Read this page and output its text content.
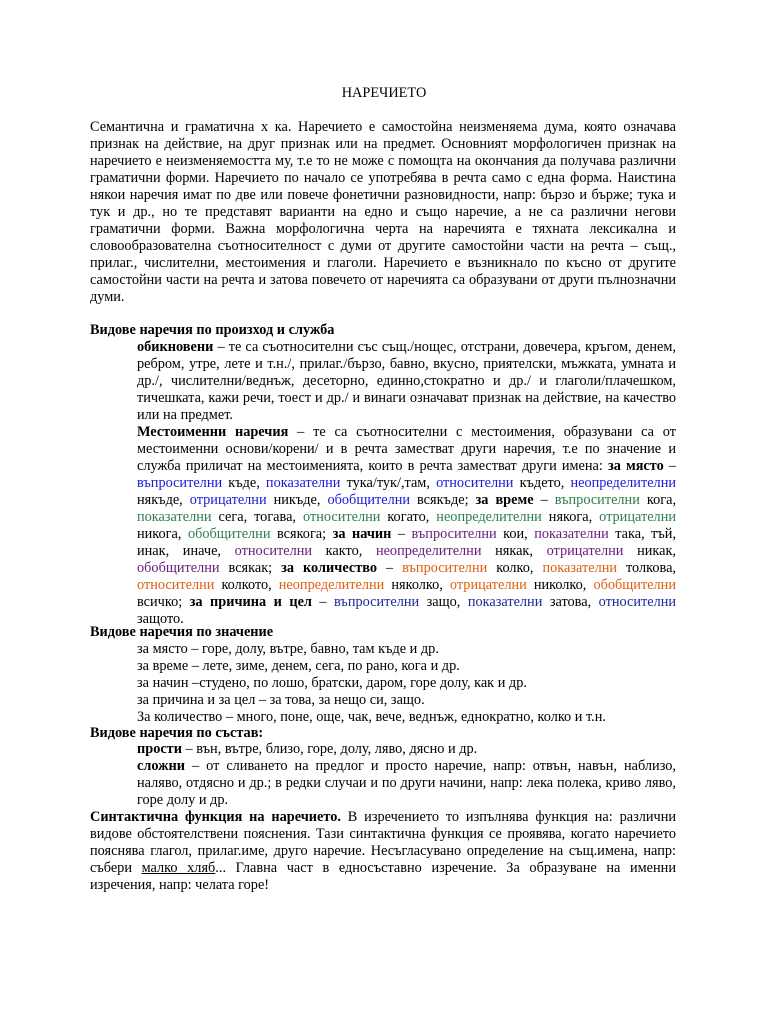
НАРЕЧИЕТО

Семантична и граматична х ка. Наречието е самостойна неизменяема дума, която означава признак на действие, на друг признак или на предмет. Основният морфологичен признак на наречието е неизменяемостта му, т.е то не може с помощта на окончания да получава различни граматични форми. Наречието по начало се употребява в речта само с една форма. Наистина някои наречия имат по две или повече фонетични разновидности, напр: бързо и бърже; тука и тук и др., но те представят варианти на едно и също наречие, а не са различни негови граматични форми. Важна морфологична черта на наречията е тяхната лексикална и словообразователна съотносителност с думи от другите самостойни части на речта – същ., прилаг., числителни, местоимения и глаголи. Наречието е възникнало по късно от другите самостойни части на речта и затова повечето от наречията са образувани от други пълнозначни думи.

Видове наречия по произход и служба

обикновени – те са съотносителни със същ./нощес, отстрани, довечера, кръгом, денем, ребром, утре, лете и т.н./, прилаг./бързо, бавно, вкусно, приятелски, мъжката, умната и др./, числителни/веднъж, десеторно, единно,стократно и др./ и глаголи/плачешком, тичешката, кажи речи, тоест и др./ и винаги означават признак на действие, на качество или на предмет.

Местоименни наречия – те са съотносителни с местоимения, образувани са от местоименни основи/корени/ и в речта заместват други наречия, т.е по значение и служба приличат на местоименията, които в речта заместват други имена: за място – въпросителни къде, показателни тука/тук/,там, относителни където, неопределителни някъде, отрицателни никъде, обобщителни всякъде; за време – въпросителни кога, показателни сега, тогава, относителни когато, неопределителни някога, отрицателни никога, обобщителни всякога; за начин – въпросителни кои, показателни така, тъй, инак, иначе, относителни както, неопределителни някак, отрицателни никак, обобщителни всякак; за количество – въпросителни колко, показателни толкова, относителни колкото, неопределителни няколко, отрицателни николко, обобщителни всичко; за причина и цел – въпросителни защо, показателни затова, относителни защото.

Видове наречия по значение

за място – горе, долу, вътре, бавно, там къде и др.

за време – лете, зиме, денем, сега, по рано, кога и др.

за начин –студено, по лошо, братски, даром, горе долу, как и др.

за причина и за цел – за това, за нещо си, защо.

За количество – много, поне, още, чак, вече, веднъж, еднократно, колко и т.н.

Видове наречия по състав:

прости – вън, вътре, близо, горе, долу, ляво, дясно и др.

сложни – от сливането на предлог и просто наречие, напр: отвън, навън, наблизо, наляво, отдясно и др.; в редки случаи и по други начини, напр: лека полека, криво ляво, горе долу и др.

Синтактична функция на наречието. В изречението то изпълнява функция на: различни видове обстоятелствени пояснения. Тази синтактична функция се проявява, когато наречието пояснява глагол, прилаг.име, друго наречие. Несъгласувано определение на същ.имена, напр: събери малко хляб... Главна част в едносъставно изречение. За образуване на именни изречения, напр: челата горе!
